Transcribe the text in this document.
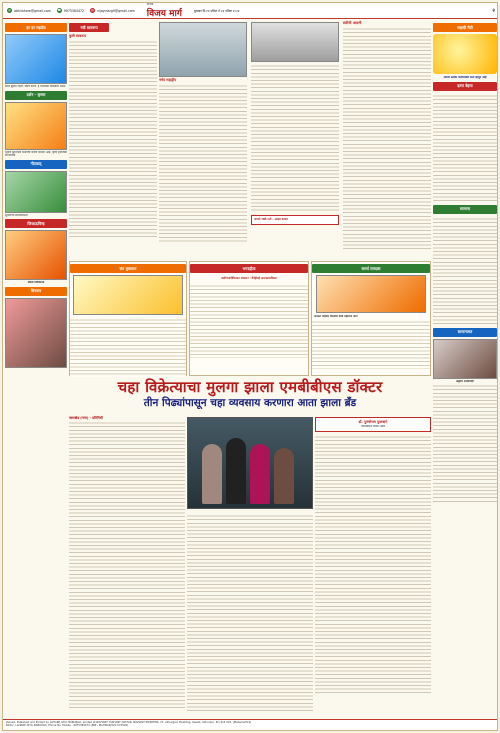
@ abhilahare@gmail.com ☎ 9975384472	@ vijaymarg9@gmail.com
दैनिक
विजय मार्ग	बुधवार दि.१७ एप्रिल ते २३ एप्रिल २०२४	२
हर दर महादेव
सदैव झुंजत राहणं, संघर्ष करणं, हे मानसिक शिवबाला असतं
दर्शन - कृष्णा
यशाचे कुमाराला निसर्गाचे प्रेमाचं फायदा आहे, कृष्ण हृदयाच्या सौभाग्याचं
गीतासद्
सुमाराज्य सार्वजनीनता
जिजाऊचिन्ह
स्वामी विवेकानंद
शिवराय
नवी सावरूप
कुवी सावरूप
नर्मद महाद्वीप
आपले पक्के तत्वे - आसंद कायम
सदीची आदमी
संत तुकाराम	भगवद्गीता
प्रावीणतावीमिम्यात संचालन : वैदेहीवहे तत्यगमालमिप्रज्ञ
समर्थ रामदास
जन्मात नाहीतर कितोमी कर्मी महाराज आपे
चहा विक्रेत्याचा मुलगा झाला एमबीबीएस डॉक्टर
तीन पिढ्यांपासून चहा व्यवसाय करणारा आता झाला ब्रँड
जामखेड (नगर) - प्रतिनिधी
डॉ. पुरुषोत्तम फुलबागे
एमबीबीएस डॉक्टर झाले
सहायी मैत्री
आपण प्रत्येक परिवारावरी सत्य म्हणून आहे
इतरा बेहमा
सामाना
सामान्यमत
सह्याचे आशावादी
Owned, Published and Printed by LAHARE ATUL BABURAO, printed at NISHANT YASHANT DATTAR, NISHANT PRINTERS, 27, Akhurgad, Mukhtag, Sewak, Akhurpur, Pin 414 001, (Maharashtra)
Editor: LAHARE ATUL BABURAO, Phone No. Mobile - 9975384472 (RNI - MAHMAR/2017/74520)
